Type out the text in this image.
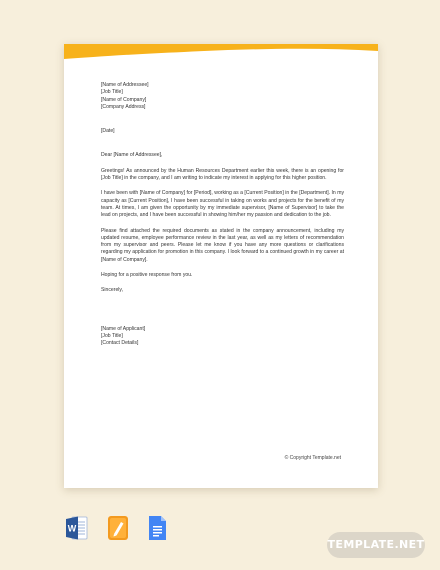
[Name of Addressee]
[Job Title]
[Name of Company]
[Company Address]
[Date]
Dear [Name of Addressee],

Greetings! As announced by the Human Resources Department earlier this week, there is an opening for [Job Title] in the company, and I am writing to indicate my interest in applying for this higher position.

I have been with [Name of Company] for [Period], working as a [Current Position] in the [Department]. In my capacity as [Current Position], I have been successful in taking on works and projects for the benefit of my team. At times, I am given the opportunity by my immediate supervisor, [Name of Supervisor] to take the lead on projects, and I have been successful in showing him/her my passion and dedication to the job.

Please find attached the required documents as stated in the company announcement, including my updated resume, employee performance review in the last year, as well as my letters of recommendation from my supervisor and peers. Please let me know if you have any more questions or clarifications regarding my application for promotion in this company. I look forward to a continued growth in my career at [Name of Company].

Hoping for a positive response from you.

Sincerely,
[Name of Applicant]
[Job Title]
[Contact Details]
© Copyright Template.net
W
TEMPLATE.NET
